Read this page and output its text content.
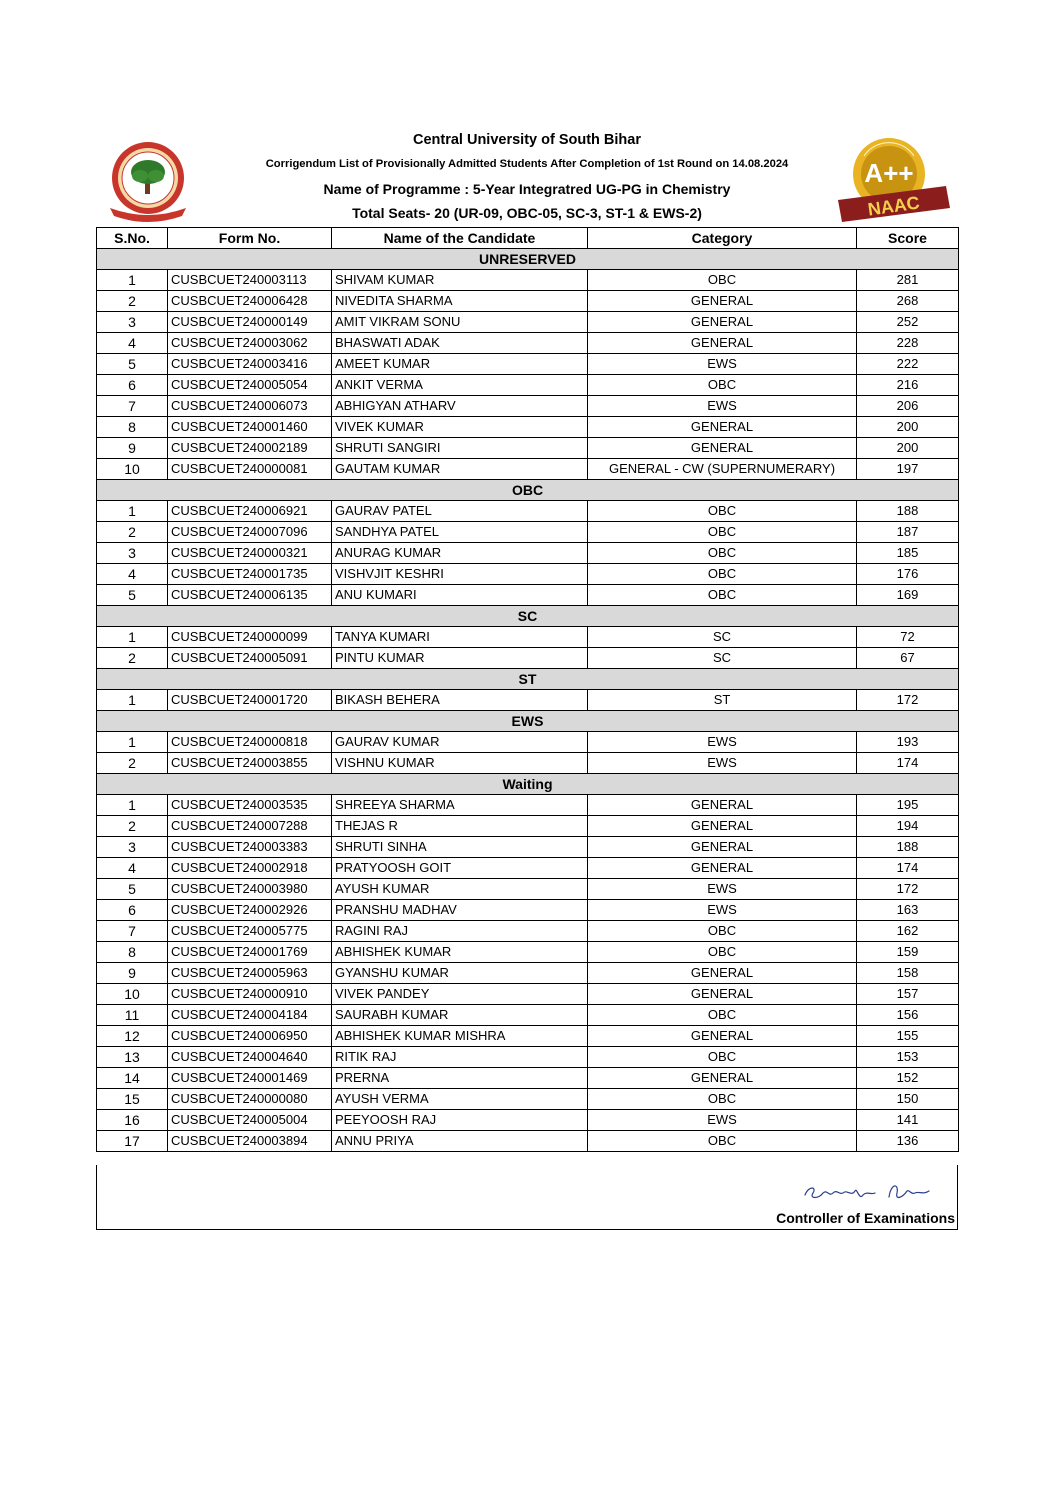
Central University of South Bihar
Corrigendum List of Provisionally Admitted Students After Completion of 1st Round on 14.08.2024
Name of Programme : 5-Year Integratred UG-PG in Chemistry
Total Seats- 20 (UR-09, OBC-05, SC-3, ST-1 & EWS-2)
A++
NAAC
S.No.	Form No.	Name of the Candidate	Category	Score
UNRESERVED				
1	CUSBCUET240003113	SHIVAM KUMAR	OBC	281
2	CUSBCUET240006428	NIVEDITA SHARMA	GENERAL	268
3	CUSBCUET240000149	AMIT VIKRAM SONU	GENERAL	252
4	CUSBCUET240003062	BHASWATI ADAK	GENERAL	228
5	CUSBCUET240003416	AMEET KUMAR	EWS	222
6	CUSBCUET240005054	ANKIT VERMA	OBC	216
7	CUSBCUET240006073	ABHIGYAN ATHARV	EWS	206
8	CUSBCUET240001460	VIVEK KUMAR	GENERAL	200
9	CUSBCUET240002189	SHRUTI SANGIRI	GENERAL	200
10	CUSBCUET240000081	GAUTAM KUMAR	GENERAL - CW (SUPERNUMERARY)	197
OBC				
1	CUSBCUET240006921	GAURAV PATEL	OBC	188
2	CUSBCUET240007096	SANDHYA PATEL	OBC	187
3	CUSBCUET240000321	ANURAG KUMAR	OBC	185
4	CUSBCUET240001735	VISHVJIT KESHRI	OBC	176
5	CUSBCUET240006135	ANU KUMARI	OBC	169
SC				
1	CUSBCUET240000099	TANYA KUMARI	SC	72
2	CUSBCUET240005091	PINTU KUMAR	SC	67
ST				
1	CUSBCUET240001720	BIKASH BEHERA	ST	172
EWS				
1	CUSBCUET240000818	GAURAV KUMAR	EWS	193
2	CUSBCUET240003855	VISHNU KUMAR	EWS	174
Waiting				
1	CUSBCUET240003535	SHREEYA SHARMA	GENERAL	195
2	CUSBCUET240007288	THEJAS R	GENERAL	194
3	CUSBCUET240003383	SHRUTI SINHA	GENERAL	188
4	CUSBCUET240002918	PRATYOOSH GOIT	GENERAL	174
5	CUSBCUET240003980	AYUSH KUMAR	EWS	172
6	CUSBCUET240002926	PRANSHU MADHAV	EWS	163
7	CUSBCUET240005775	RAGINI RAJ	OBC	162
8	CUSBCUET240001769	ABHISHEK KUMAR	OBC	159
9	CUSBCUET240005963	GYANSHU KUMAR	GENERAL	158
10	CUSBCUET240000910	VIVEK PANDEY	GENERAL	157
11	CUSBCUET240004184	SAURABH KUMAR	OBC	156
12	CUSBCUET240006950	ABHISHEK KUMAR MISHRA	GENERAL	155
13	CUSBCUET240004640	RITIK RAJ	OBC	153
14	CUSBCUET240001469	PRERNA	GENERAL	152
15	CUSBCUET240000080	AYUSH VERMA	OBC	150
16	CUSBCUET240005004	PEEYOOSH RAJ	EWS	141
17	CUSBCUET240003894	ANNU PRIYA	OBC	136
Controller of Examinations
